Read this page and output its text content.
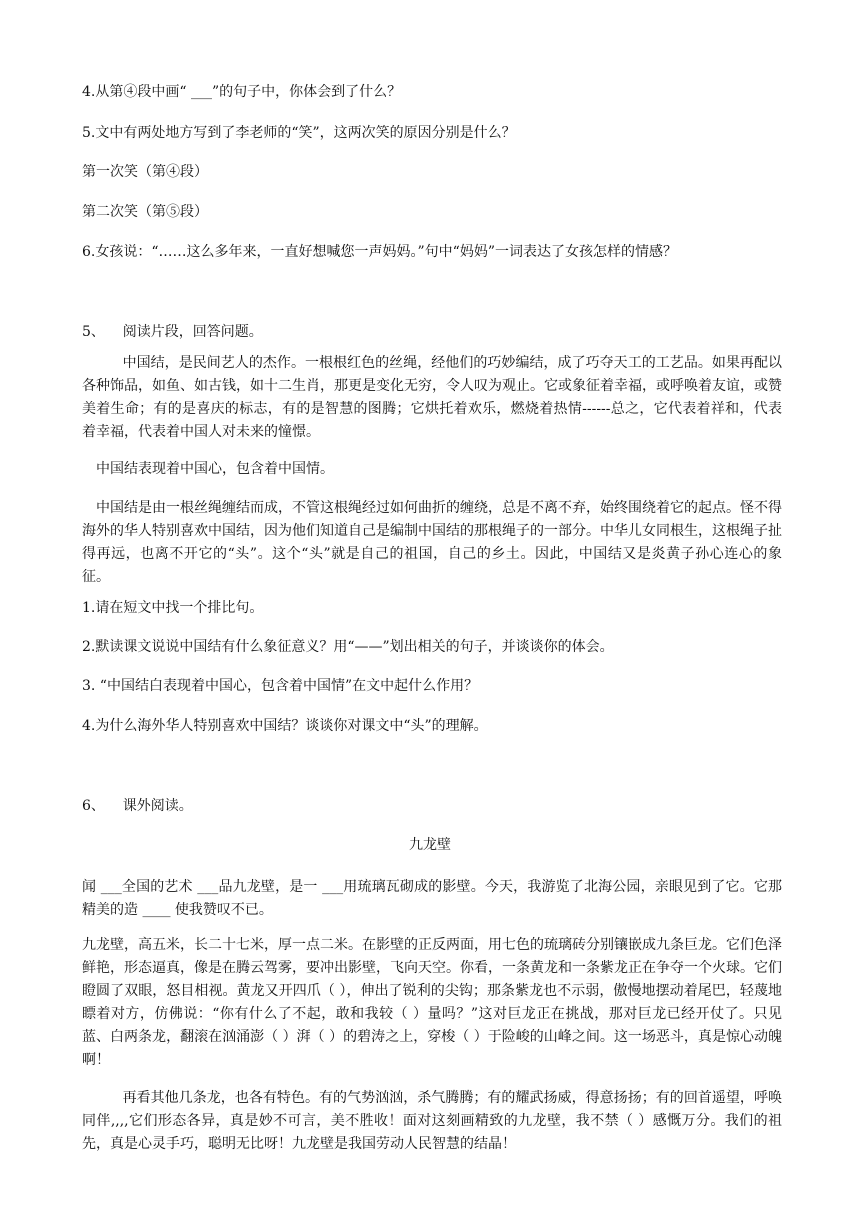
4.从第④段中画“ ___”的句子中，你体会到了什么？

5.文中有两处地方写到了李老师的“笑”，这两次笑的原因分别是什么？

第一次笑（第④段）

第二次笑（第⑤段）

6.女孩说：“……这么多年来，一直好想喊您一声妈妈。”句中“妈妈”一词表达了女孩怎样的情感？

5、    阅读片段，回答问题。

中国结，是民间艺人的杰作。一根根红色的丝绳，经他们的巧妙编结，成了巧夺天工的工艺品。如果再配以各种饰品，如鱼、如古钱，如十二生肖，那更是变化无穷，令人叹为观止。它或象征着幸福，或呼唤着友谊，或赞美着生命；有的是喜庆的标志，有的是智慧的图腾；它烘托着欢乐，燃烧着热情------总之，它代表着祥和，代表着幸福，代表着中国人对未来的憧憬。

中国结表现着中国心，包含着中国情。

中国结是由一根丝绳缠结而成，不管这根绳经过如何曲折的缠绕，总是不离不弃，始终围绕着它的起点。怪不得海外的华人特别喜欢中国结，因为他们知道自己是编制中国结的那根绳子的一部分。中华儿女同根生，这根绳子扯得再远，也离不开它的“头”。这个“头”就是自己的祖国，自己的乡土。因此，中国结又是炎黄子孙心连心的象征。

1.请在短文中找一个排比句。

2.默读课文说说中国结有什么象征意义？用“——”划出相关的句子，并谈谈你的体会。

3. “中国结白表现着中国心，包含着中国情”在文中起什么作用？

4.为什么海外华人特别喜欢中国结？谈谈你对课文中“头”的理解。

6、    课外阅读。

九龙壁

闻 ___全国的艺术 ___品九龙壁，是一 ___用琉璃瓦砌成的影壁。今天，我游览了北海公园，亲眼见到了它。它那精美的造 ____ 使我赞叹不已。

九龙壁，高五米，长二十七米，厚一点二米。在影壁的正反两面，用七色的琉璃砖分别镶嵌成九条巨龙。它们色泽鲜艳，形态逼真，像是在腾云驾雾，要冲出影壁，飞向天空。你看，一条黄龙和一条紫龙正在争夺一个火球。它们瞪圆了双眼，怒目相视。黄龙又开四爪（ ），伸出了锐利的尖钩；那条紫龙也不示弱，傲慢地摆动着尾巴，轻蔑地瞟着对方，仿佛说：“你有什么了不起，敢和我较（ ）量吗？”这对巨龙正在挑战，那对巨龙已经开仗了。只见蓝、白两条龙，翻滚在汹涌澎（ ）湃（ ）的碧涛之上，穿梭（ ）于险峻的山峰之间。这一场恶斗，真是惊心动魄啊！

再看其他几条龙，也各有特色。有的气势汹汹，杀气腾腾；有的耀武扬威，得意扬扬；有的回首遥望，呼唤同伴,,,,它们形态各异，真是妙不可言，美不胜收！面对这刻画精致的九龙壁，我不禁（ ）感慨万分。我们的祖先，真是心灵手巧，聪明无比呀！九龙壁是我国劳动人民智慧的结晶！
